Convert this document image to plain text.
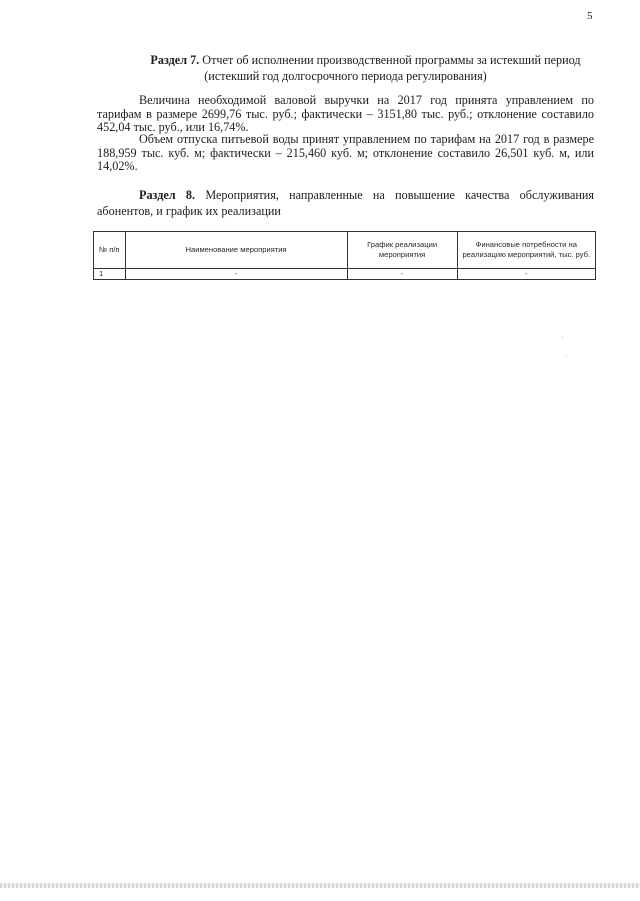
5
Раздел 7. Отчет об исполнении производственной программы за истекший период
(истекший год долгосрочного периода регулирования)
Величина необходимой валовой выручки на 2017 год принята управлением по тарифам в размере 2699,76 тыс. руб.; фактически – 3151,80 тыс. руб.; отклонение составило 452,04 тыс. руб., или 16,74%.
Объем отпуска питьевой воды принят управлением по тарифам на 2017 год в размере 188,959 тыс. куб. м; фактически – 215,460 куб. м; отклонение составило 26,501 куб. м, или 14,02%.
Раздел 8. Мероприятия, направленные на повышение качества обслуживания абонентов, и график их реализации
№ п/п	Наименование мероприятия	График реализации мероприятия	Финансовые потребности на реализацию мероприятий, тыс. руб.
1	-	-	-
